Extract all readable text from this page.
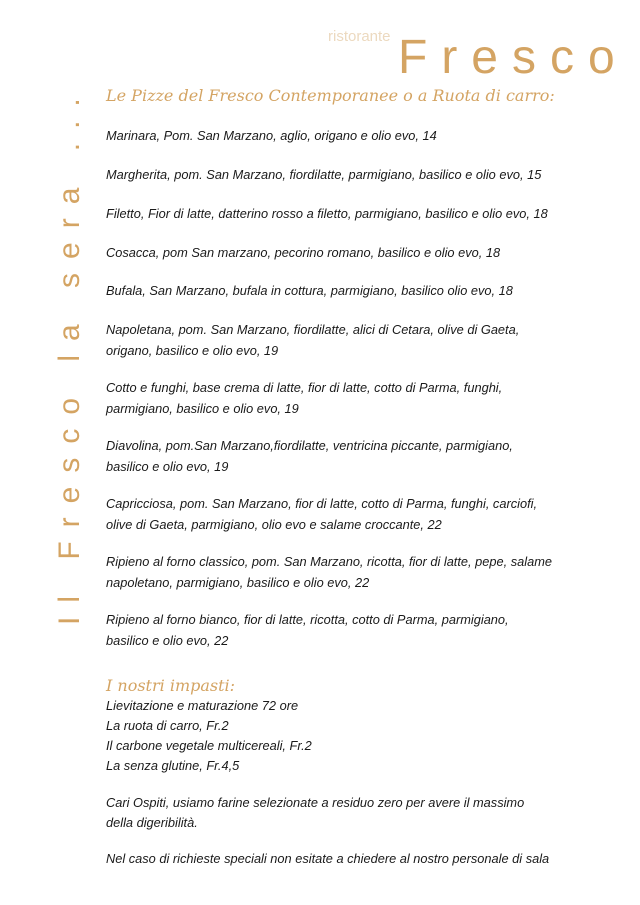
ristorante Fresco
Il Fresco la sera ... Le Pizze del Fresco Contemporanee o a Ruota di carro:
Marinara, Pom. San Marzano, aglio, origano e olio evo, 14
Margherita, pom. San Marzano, fiordilatte, parmigiano, basilico e olio evo, 15
Filetto, Fior di latte, datterino rosso a filetto, parmigiano, basilico e olio evo, 18
Cosacca, pom San marzano, pecorino romano, basilico e olio evo, 18
Bufala, San Marzano, bufala in cottura, parmigiano, basilico olio evo, 18
Napoletana, pom. San Marzano, fiordilatte, alici di Cetara, olive di Gaeta,
origano, basilico e olio evo, 19
Cotto e funghi, base crema di latte, fior di latte, cotto di Parma, funghi,
parmigiano, basilico e olio evo, 19
Diavolina, pom.San Marzano,fiordilatte, ventricina piccante, parmigiano,
basilico e olio evo, 19
Capricciosa, pom. San Marzano, fior di latte, cotto di Parma, funghi, carciofi,
olive di Gaeta, parmigiano, olio evo e salame croccante, 22
Ripieno al forno classico, pom. San Marzano, ricotta, fior di latte, pepe, salame
napoletano, parmigiano, basilico e olio evo, 22
Ripieno al forno bianco, fior di latte, ricotta, cotto di Parma, parmigiano,
basilico e olio evo, 22
I nostri impasti:
Lievitazione e maturazione 72 ore
La ruota di carro, Fr.2
Il carbone vegetale multicereali, Fr.2
La senza glutine, Fr.4,5
Cari Ospiti, usiamo farine selezionate a residuo zero per avere il massimo
della digeribilità.
Nel caso di richieste speciali non esitate a chiedere al nostro personale di sala
